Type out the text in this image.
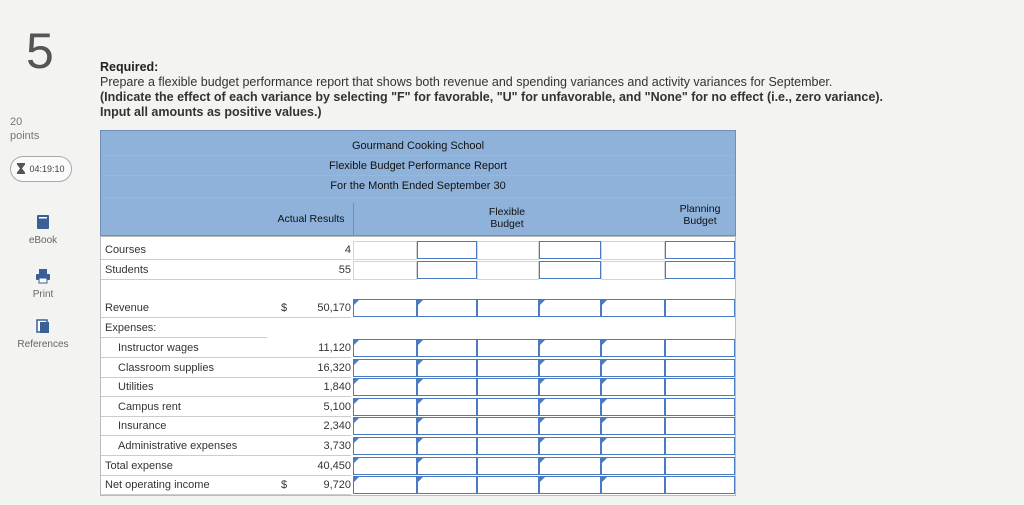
5
20
points
04:19:10
eBook
Print
References
Required:
Prepare a flexible budget performance report that shows both revenue and spending variances and activity variances for September.
(Indicate the effect of each variance by selecting "F" for favorable, "U" for unfavorable, and "None" for no effect (i.e., zero variance). Input all amounts as positive values.)
Gourmand Cooking School
Flexible Budget Performance Report
For the Month Ended September 30
Actual Results
Flexible Budget
Planning Budget
Courses	4
Students	55
Revenue	$	50,170
Expenses:
Instructor wages	11,120
Classroom supplies	16,320
Utilities	1,840
Campus rent	5,100
Insurance	2,340
Administrative expenses	3,730
Total expense	40,450
Net operating income	$	9,720
